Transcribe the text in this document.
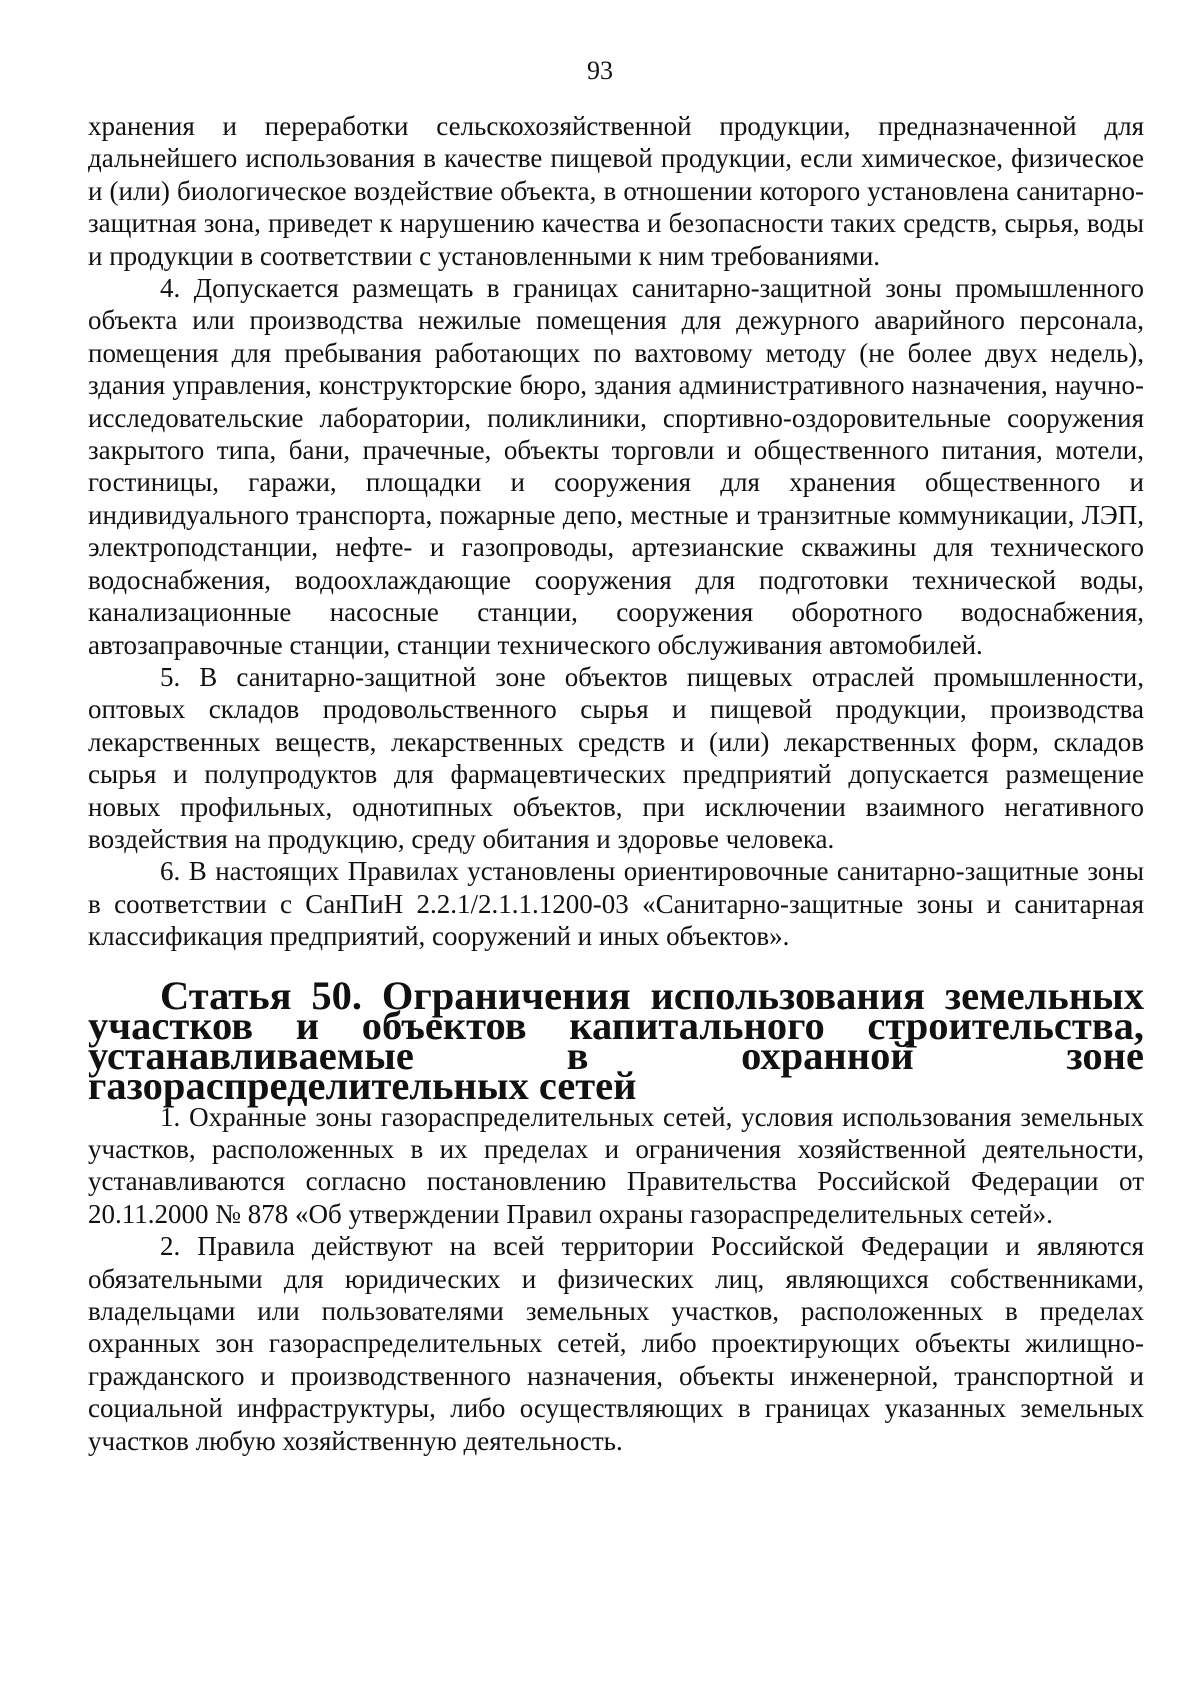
93

хранения и переработки сельскохозяйственной продукции, предназначенной для дальнейшего использования в качестве пищевой продукции, если химическое, физическое и (или) биологическое воздействие объекта, в отношении которого установлена санитарно-защитная зона, приведет к нарушению качества и безопасности таких средств, сырья, воды и продукции в соответствии с установленными к ним требованиями.

4. Допускается размещать в границах санитарно-защитной зоны промышленного объекта или производства нежилые помещения для дежурного аварийного персонала, помещения для пребывания работающих по вахтовому методу (не более двух недель), здания управления, конструкторские бюро, здания административного назначения, научно-исследовательские лаборатории, поликлиники, спортивно-оздоровительные сооружения закрытого типа, бани, прачечные, объекты торговли и общественного питания, мотели, гостиницы, гаражи, площадки и сооружения для хранения общественного и индивидуального транспорта, пожарные депо, местные и транзитные коммуникации, ЛЭП, электроподстанции, нефте- и газопроводы, артезианские скважины для технического водоснабжения, водоохлаждающие сооружения для подготовки технической воды, канализационные насосные станции, сооружения оборотного водоснабжения, автозаправочные станции, станции технического обслуживания автомобилей.

5. В санитарно-защитной зоне объектов пищевых отраслей промышленности, оптовых складов продовольственного сырья и пищевой продукции, производства лекарственных веществ, лекарственных средств и (или) лекарственных форм, складов сырья и полупродуктов для фармацевтических предприятий допускается размещение новых профильных, однотипных объектов, при исключении взаимного негативного воздействия на продукцию, среду обитания и здоровье человека.

6. В настоящих Правилах установлены ориентировочные санитарно-защитные зоны в соответствии с СанПиН 2.2.1/2.1.1.1200-03 «Санитарно-защитные зоны и санитарная классификация предприятий, сооружений и иных объектов».

Статья 50. Ограничения использования земельных участков и объектов капитального строительства, устанавливаемые в охранной зоне газораспределительных сетей

1. Охранные зоны газораспределительных сетей, условия использования земельных участков, расположенных в их пределах и ограничения хозяйственной деятельности, устанавливаются согласно постановлению Правительства Российской Федерации от 20.11.2000 № 878 «Об утверждении Правил охраны газораспределительных сетей».

2. Правила действуют на всей территории Российской Федерации и являются обязательными для юридических и физических лиц, являющихся собственниками, владельцами или пользователями земельных участков, расположенных в пределах охранных зон газораспределительных сетей, либо проектирующих объекты жилищно-гражданского и производственного назначения, объекты инженерной, транспортной и социальной инфраструктуры, либо осуществляющих в границах указанных земельных участков любую хозяйственную деятельность.
